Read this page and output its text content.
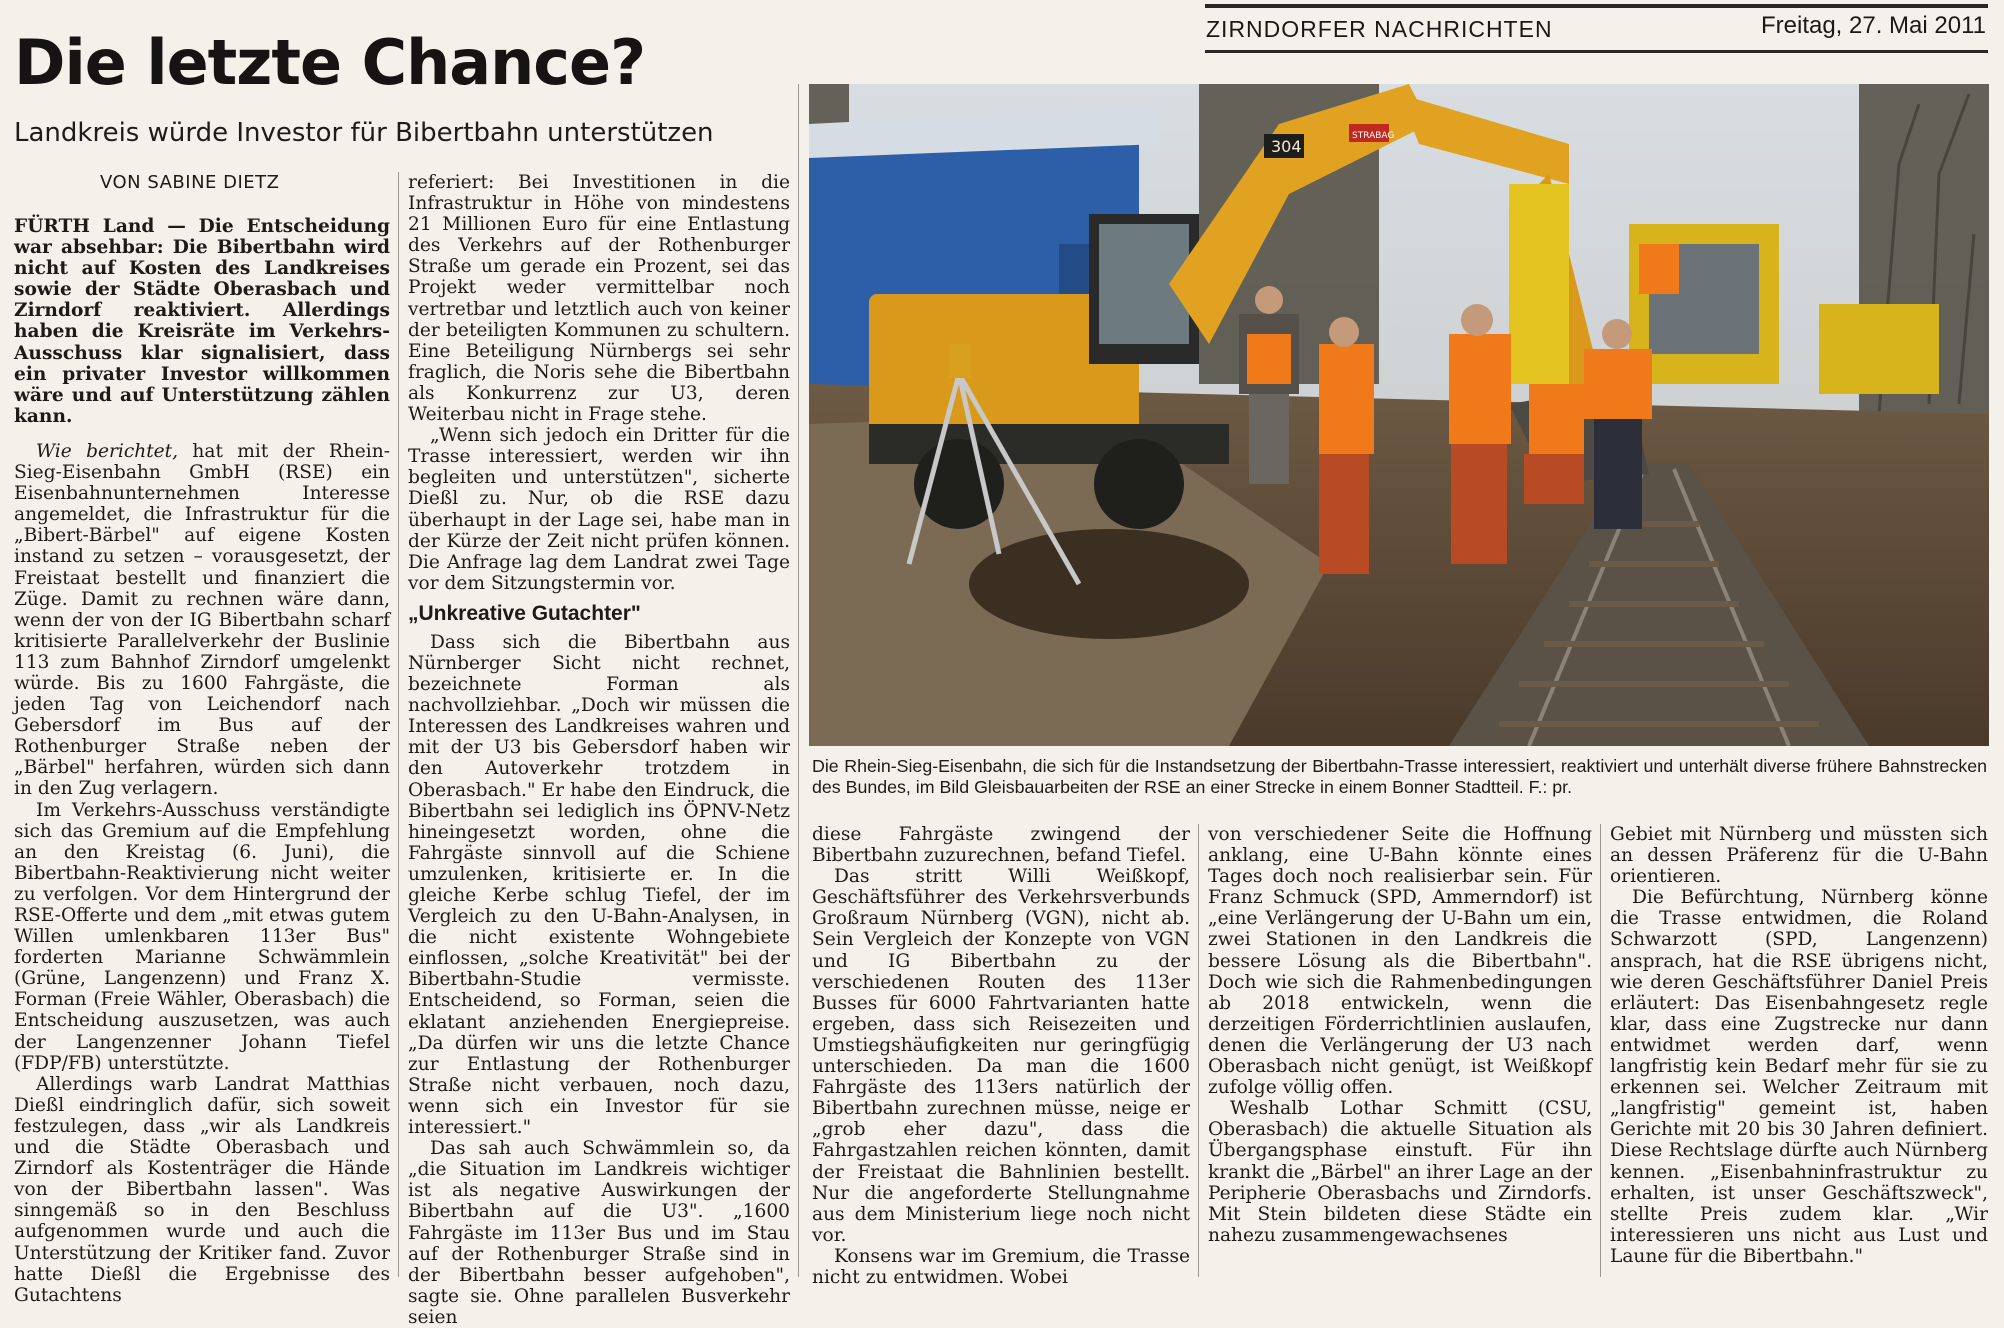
ZIRNDORFER NACHRICHTEN	Freitag, 27. Mai 2011
Die letzte Chance?
Landkreis würde Investor für Bibertbahn unterstützen
VON SABINE DIETZ

FÜRTH Land — Die Entscheidung war absehbar: Die Bibertbahn wird nicht auf Kosten des Landkreises sowie der Städte Oberasbach und Zirndorf reaktiviert. Allerdings haben die Kreisräte im Verkehrs-Ausschuss klar signalisiert, dass ein privater Investor willkommen wäre und auf Unterstützung zählen kann.

Wie berichtet, hat mit der Rhein-Sieg-Eisenbahn GmbH (RSE) ein Eisenbahnunternehmen Interesse angemeldet, die Infrastruktur für die „Bibert-Bärbel" auf eigene Kosten instand zu setzen – vorausgesetzt, der Freistaat bestellt und finanziert die Züge. Damit zu rechnen wäre dann, wenn der von der IG Bibertbahn scharf kritisierte Parallelverkehr der Buslinie 113 zum Bahnhof Zirndorf umgelenkt würde. Bis zu 1600 Fahrgäste, die jeden Tag von Leichendorf nach Gebersdorf im Bus auf der Rothenburger Straße neben der „Bärbel" herfahren, würden sich dann in den Zug verlagern.

Im Verkehrs-Ausschuss verständigte sich das Gremium auf die Empfehlung an den Kreistag (6. Juni), die Bibertbahn-Reaktivierung nicht weiter zu verfolgen. Vor dem Hintergrund der RSE-Offerte und dem „mit etwas gutem Willen umlenkbaren 113er Bus" forderten Marianne Schwämmlein (Grüne, Langenzenn) und Franz X. Forman (Freie Wähler, Oberasbach) die Entscheidung auszusetzen, was auch der Langenzenner Johann Tiefel (FDP/FB) unterstützte.

Allerdings warb Landrat Matthias Dießl eindringlich dafür, sich soweit festzulegen, dass „wir als Landkreis und die Städte Oberasbach und Zirndorf als Kostenträger die Hände von der Bibertbahn lassen". Was sinngemäß so in den Beschluss aufgenommen wurde und auch die Unterstützung der Kritiker fand. Zuvor hatte Dießl die Ergebnisse des Gutachtens

referiert: Bei Investitionen in die Infrastruktur in Höhe von mindestens 21 Millionen Euro für eine Entlastung des Verkehrs auf der Rothenburger Straße um gerade ein Prozent, sei das Projekt weder vermittelbar noch vertretbar und letztlich auch von keiner der beteiligten Kommunen zu schultern. Eine Beteiligung Nürnbergs sei sehr fraglich, die Noris sehe die Bibertbahn als Konkurrenz zur U3, deren Weiterbau nicht in Frage stehe.

„Wenn sich jedoch ein Dritter für die Trasse interessiert, werden wir ihn begleiten und unterstützen", sicherte Dießl zu. Nur, ob die RSE dazu überhaupt in der Lage sei, habe man in der Kürze der Zeit nicht prüfen können. Die Anfrage lag dem Landrat zwei Tage vor dem Sitzungstermin vor.

„Unkreative Gutachter"

Dass sich die Bibertbahn aus Nürnberger Sicht nicht rechnet, bezeichnete Forman als nachvollziehbar. „Doch wir müssen die Interessen des Landkreises wahren und mit der U3 bis Gebersdorf haben wir den Autoverkehr trotzdem in Oberasbach." Er habe den Eindruck, die Bibertbahn sei lediglich ins ÖPNV-Netz hineingesetzt worden, ohne die Fahrgäste sinnvoll auf die Schiene umzulenken, kritisierte er. In die gleiche Kerbe schlug Tiefel, der im Vergleich zu den U-Bahn-Analysen, in die nicht existente Wohngebiete einflossen, „solche Kreativität" bei der Bibertbahn-Studie vermisste. Entscheidend, so Forman, seien die eklatant anziehenden Energiepreise. „Da dürfen wir uns die letzte Chance zur Entlastung der Rothenburger Straße nicht verbauen, noch dazu, wenn sich ein Investor für sie interessiert."

Das sah auch Schwämmlein so, da „die Situation im Landkreis wichtiger ist als negative Auswirkungen der Bibertbahn auf die U3". „1600 Fahrgäste im 113er Bus und im Stau auf der Rothenburger Straße sind in der Bibertbahn besser aufgehoben", sagte sie. Ohne parallelen Busverkehr seien

304
STRABAG
Die Rhein-Sieg-Eisenbahn, die sich für die Instandsetzung der Bibertbahn-Trasse interessiert, reaktiviert und unterhält diverse frühere Bahnstrecken des Bundes, im Bild Gleisbauarbeiten der RSE an einer Strecke in einem Bonner Stadtteil. F.: pr.

diese Fahrgäste zwingend der Bibertbahn zuzurechnen, befand Tiefel.

Das stritt Willi Weißkopf, Geschäftsführer des Verkehrsverbunds Großraum Nürnberg (VGN), nicht ab. Sein Vergleich der Konzepte von VGN und IG Bibertbahn zu der verschiedenen Routen des 113er Busses für 6000 Fahrtvarianten hatte ergeben, dass sich Reisezeiten und Umstiegshäufigkeiten nur geringfügig unterschieden. Da man die 1600 Fahrgäste des 113ers natürlich der Bibertbahn zurechnen müsse, neige er „grob eher dazu", dass die Fahrgastzahlen reichen könnten, damit der Freistaat die Bahnlinien bestellt. Nur die angeforderte Stellungnahme aus dem Ministerium liege noch nicht vor.

Konsens war im Gremium, die Trasse nicht zu entwidmen. Wobei

von verschiedener Seite die Hoffnung anklang, eine U-Bahn könnte eines Tages doch noch realisierbar sein. Für Franz Schmuck (SPD, Ammerndorf) ist „eine Verlängerung der U-Bahn um ein, zwei Stationen in den Landkreis die bessere Lösung als die Bibertbahn". Doch wie sich die Rahmenbedingungen ab 2018 entwickeln, wenn die derzeitigen Förderrichtlinien auslaufen, denen die Verlängerung der U3 nach Oberasbach nicht genügt, ist Weißkopf zufolge völlig offen.

Weshalb Lothar Schmitt (CSU, Oberasbach) die aktuelle Situation als Übergangsphase einstuft. Für ihn krankt die „Bärbel" an ihrer Lage an der Peripherie Oberasbachs und Zirndorfs. Mit Stein bildeten diese Städte ein nahezu zusammengewachsenes

Gebiet mit Nürnberg und müssten sich an dessen Präferenz für die U-Bahn orientieren.

Die Befürchtung, Nürnberg könne die Trasse entwidmen, die Roland Schwarzott (SPD, Langenzenn) ansprach, hat die RSE übrigens nicht, wie deren Geschäftsführer Daniel Preis erläutert: Das Eisenbahngesetz regle klar, dass eine Zugstrecke nur dann entwidmet werden darf, wenn langfristig kein Bedarf mehr für sie zu erkennen sei. Welcher Zeitraum mit „langfristig" gemeint ist, haben Gerichte mit 20 bis 30 Jahren definiert. Diese Rechtslage dürfte auch Nürnberg kennen. „Eisenbahninfrastruktur zu erhalten, ist unser Geschäftszweck", stellte Preis zudem klar. „Wir interessieren uns nicht aus Lust und Laune für die Bibertbahn."
